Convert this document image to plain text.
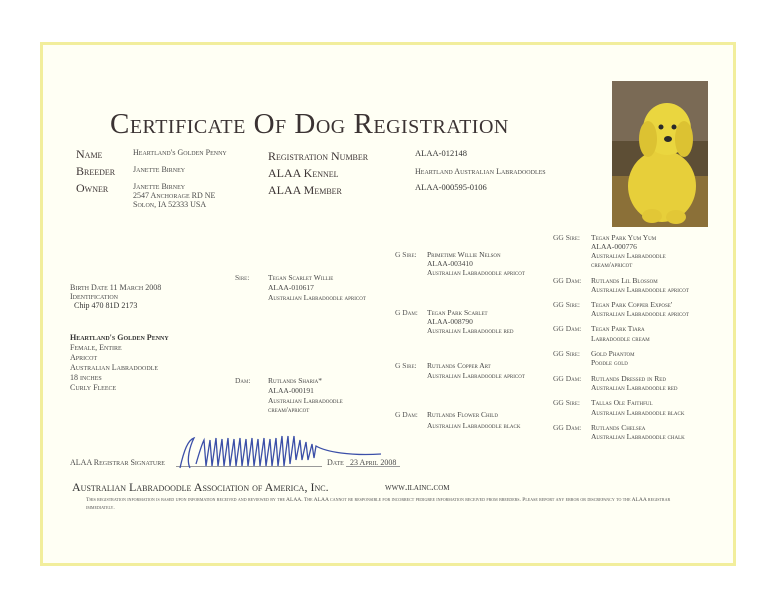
Certificate Of Dog Registration
Name	Heartland's Golden Penny
Breeder Janette Birney
Owner	Janette Birney
2547 Anchorage RD NE
Solon, IA 52333 USA
Registration Number	ALAA-012148
ALAA Kennel	Heartland Australian Labradoodles
ALAA Member	ALAA-000595-0106
Birth Date 11 March 2008
Identification
Chip 470 81D 2173
Heartland's Golden Penny
Female, Entire
Apricot
Australian Labradoodle
18 inches
Curly Fleece
Sire: Tegan Scarlet Willie
ALAA-010617
Australian Labradoodle apricot
Dam: Rutlands Sharia*
ALAA-000191
Australian Labradoodle
cream/apricot
G Sire: Primetime Willie Nelson
ALAA-003410
Australian Labradoodle apricot
G Dam: Tegan Park Scarlet
ALAA-008790
Australian Labradoodle red
G Sire: Rutlands Copper Art
Australian Labradoodle apricot
G Dam: Rutlands Flower Child
Australian Labradoodle black
GG Sire: Tegan Park Yum Yum
ALAA-000776
Australian Labradoodle
cream/apricot
GG Dam: Rutlands Lil Blossom
Australian Labradoodle apricot
GG Sire: Tegan Park Copper Expose'
Australian Labradoodle apricot
GG Dam: Tegan Park Tiara
Labradoodle cream
GG Sire: Gold Phantom
Poodle gold
GG Dam: Rutlands Dressed in Red
Australian Labradoodle red
GG Sire: Tallas Ole Faithful
Australian Labradoodle black
GG Dam: Rutlands Chelsea
Australian Labradoodle chalk
ALAA Registrar Signature	Date 23 April 2008
Australian Labradoodle Association of America, Inc.	www.ilainc.com
This registration information is based upon information received and reviewed by the ALAA. The ALAA cannot be responsible for incorrect pedigree information received from breeders. Please report any error or discrepancy to the ALAA registrar immediately.
